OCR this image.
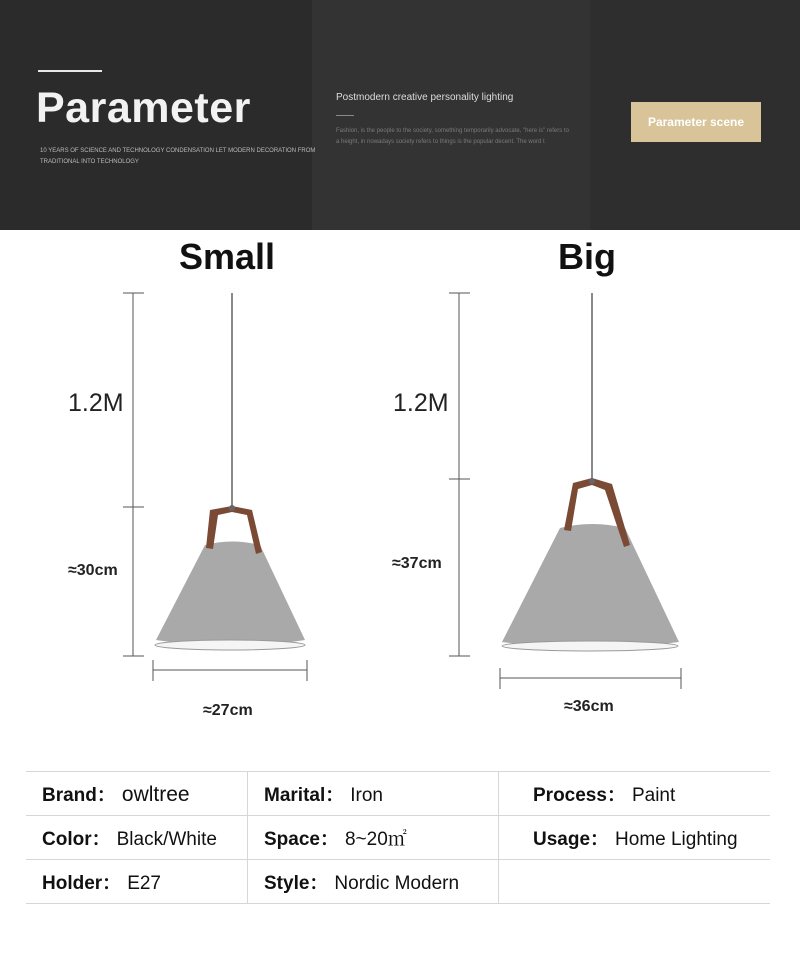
Parameter
10 YEARS OF SCIENCE AND TECHNOLOGY CONDENSATION LET MODERN DECORATION FROM TRADITIONAL INTO TECHNOLOGY
Postmodern creative personality lighting
Fashion, is the people to the society, something temporarily advocate, "here is" refers to a height, in nowadays society refers to things is the popular decent. The word t
Parameter scene
Small	Big
1.2M
≈30cm
≈27cm
1.2M
≈37cm
≈36cm
Brand： owltree	Marital： Iron	Process： Paint
Color： Black/White	Space： 8~20㎡	Usage： Home Lighting
Holder： E27	Style： Nordic Modern	
